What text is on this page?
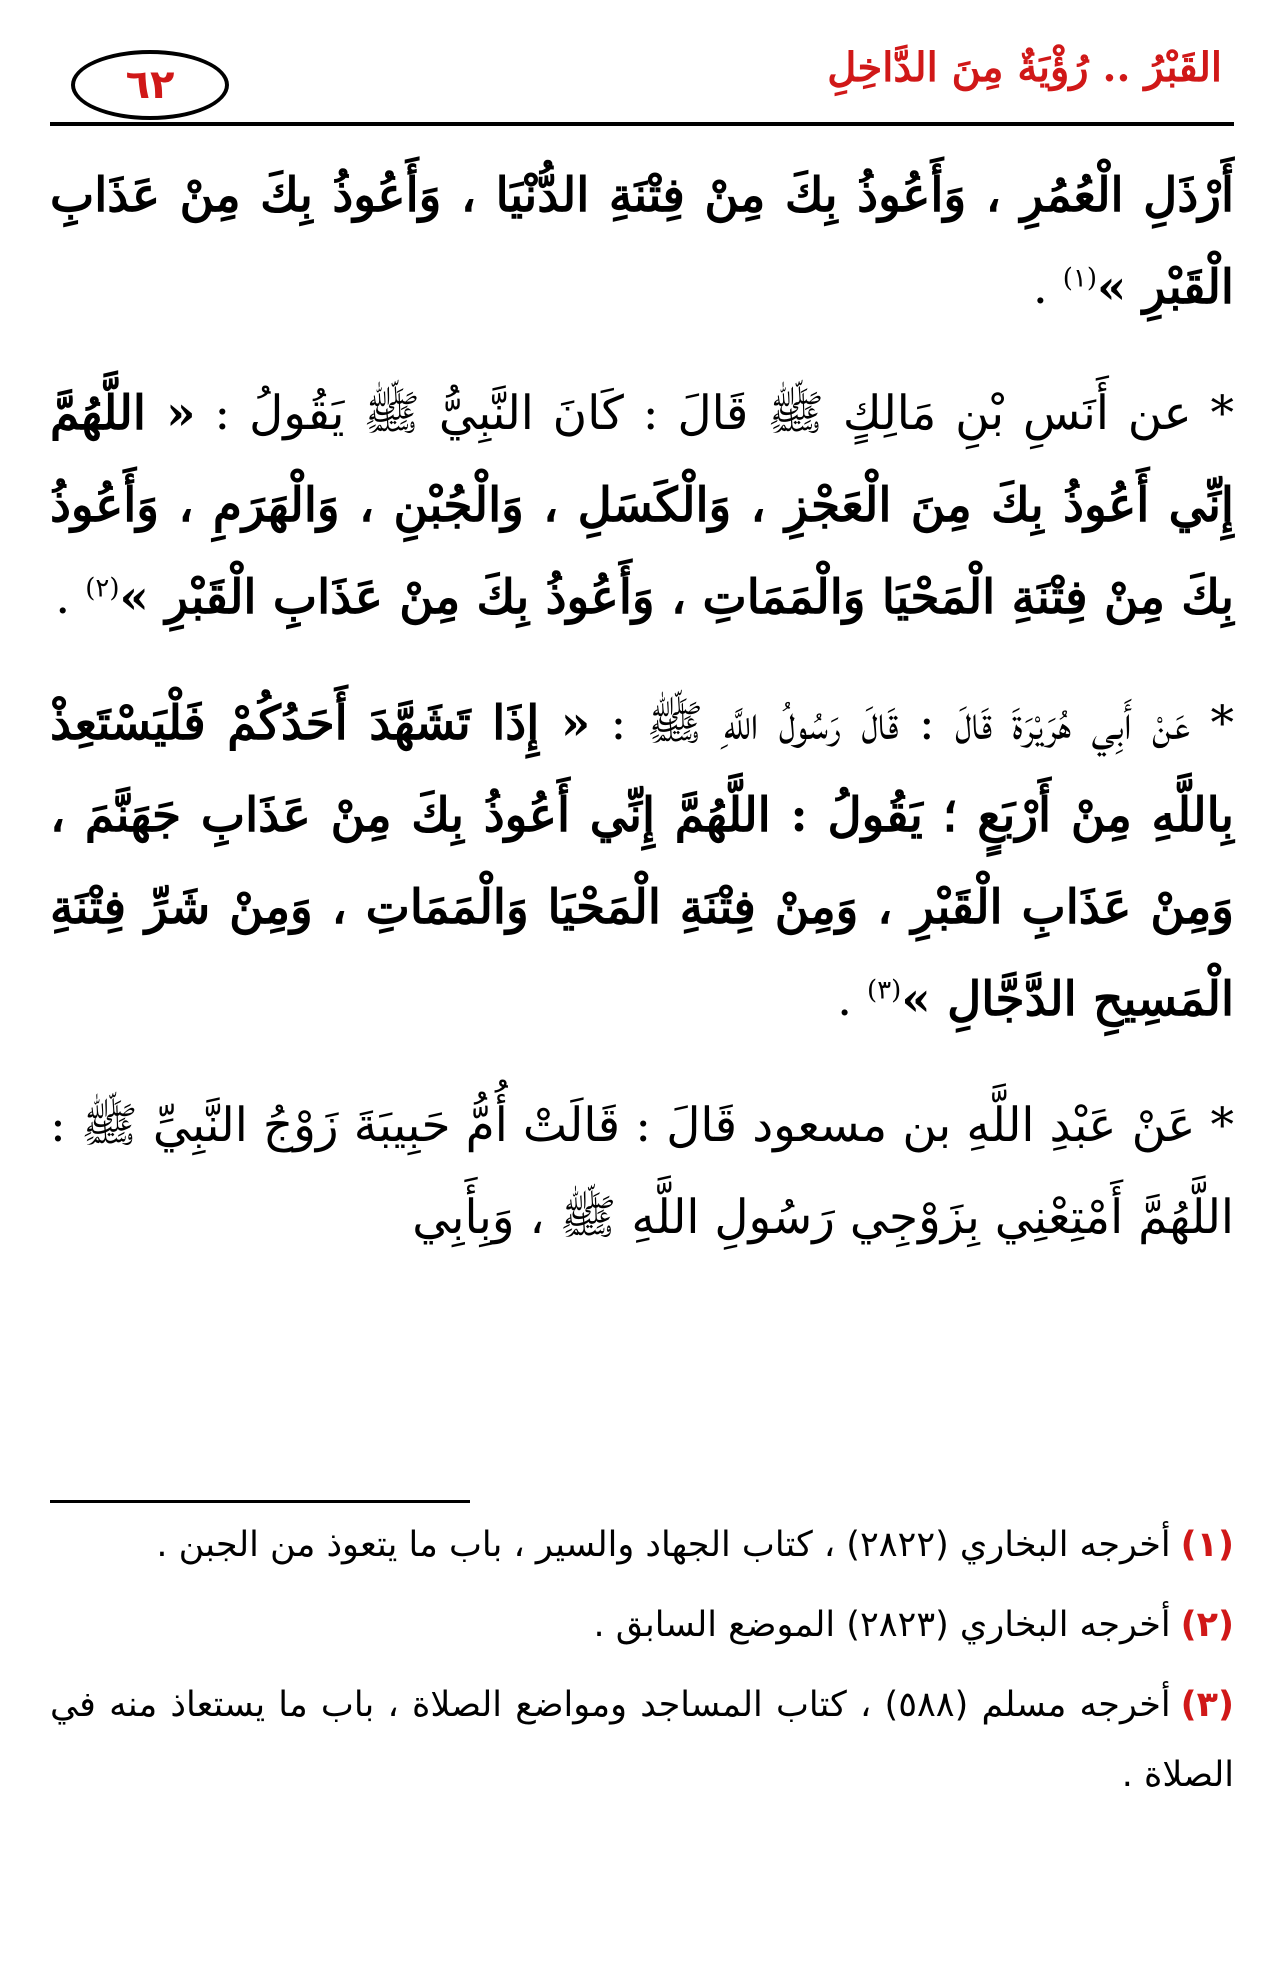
٦٢	القَبْرُ .. رُؤْيَةٌ مِنَ الدَّاخِلِ

أَرْذَلِ الْعُمُرِ ، وَأَعُوذُ بِكَ مِنْ فِتْنَةِ الدُّنْيَا ، وَأَعُوذُ بِكَ مِنْ عَذَابِ الْقَبْرِ »$^{(١)}$ .

* عن أَنَسِ بْنِ مَالِكٍ ﷺ قَالَ : كَانَ النَّبِيُّ ﷺ يَقُولُ : « اللَّهُمَّ إِنِّي أَعُوذُ بِكَ مِنَ الْعَجْزِ ، وَالْكَسَلِ ، وَالْجُبْنِ ، وَالْهَرَمِ ، وَأَعُوذُ بِكَ مِنْ فِتْنَةِ الْمَحْيَا وَالْمَمَاتِ ، وَأَعُوذُ بِكَ مِنْ عَذَابِ الْقَبْرِ »$^{(٢)}$ .

* عَنْ أَبِي هُرَيْرَةَ قَالَ : قَالَ رَسُولُ اللَّهِ ﷺ : « إِذَا تَشَهَّدَ أَحَدُكُمْ فَلْيَسْتَعِذْ بِاللَّهِ مِنْ أَرْبَعٍ ؛ يَقُولُ : اللَّهُمَّ إِنِّي أَعُوذُ بِكَ مِنْ عَذَابِ جَهَنَّمَ ، وَمِنْ عَذَابِ الْقَبْرِ ، وَمِنْ فِتْنَةِ الْمَحْيَا وَالْمَمَاتِ ، وَمِنْ شَرِّ فِتْنَةِ الْمَسِيحِ الدَّجَّالِ »$^{(٣)}$ .

* عَنْ عَبْدِ اللَّهِ بن مسعود قَالَ : قَالَتْ أُمُّ حَبِيبَةَ زَوْجُ النَّبِيِّ ﷺ : اللَّهُمَّ أَمْتِعْنِي بِزَوْجِي رَسُولِ اللَّهِ ﷺ ، وَبِأَبِي

(١)أخرجه البخاري (٢٨٢٢) ، كتاب الجهاد والسير ، باب ما يتعوذ من الجبن .

(٢)أخرجه البخاري (٢٨٢٣) الموضع السابق .

(٣)أخرجه مسلم (٥٨٨) ، كتاب المساجد ومواضع الصلاة ، باب ما يستعاذ منه في الصلاة .
